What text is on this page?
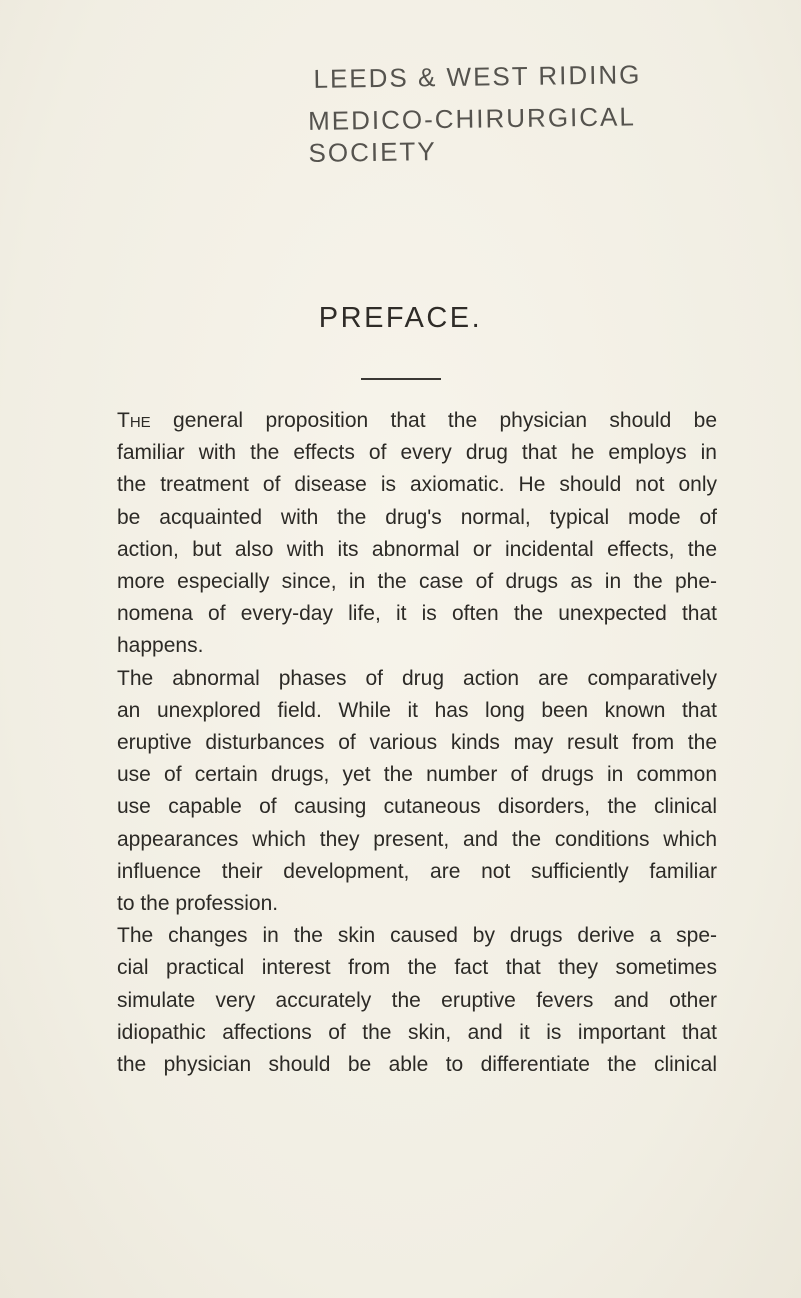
LEEDS & WEST RIDING
MEDICO-CHIRURGICAL SOCIETY
PREFACE.

The general proposition that the physician should be
familiar with the effects of every drug that he employs in
the treatment of disease is axiomatic. He should not only
be acquainted with the drug's normal, typical mode of
action, but also with its abnormal or incidental effects, the
more especially since, in the case of drugs as in the phe-
nomena of every-day life, it is often the unexpected that
happens.

The abnormal phases of drug action are comparatively
an unexplored field. While it has long been known that
eruptive disturbances of various kinds may result from the
use of certain drugs, yet the number of drugs in common
use capable of causing cutaneous disorders, the clinical
appearances which they present, and the conditions which
influence their development, are not sufficiently familiar
to the profession.

The changes in the skin caused by drugs derive a spe-
cial practical interest from the fact that they sometimes
simulate very accurately the eruptive fevers and other
idiopathic affections of the skin, and it is important that
the physician should be able to differentiate the clinical
